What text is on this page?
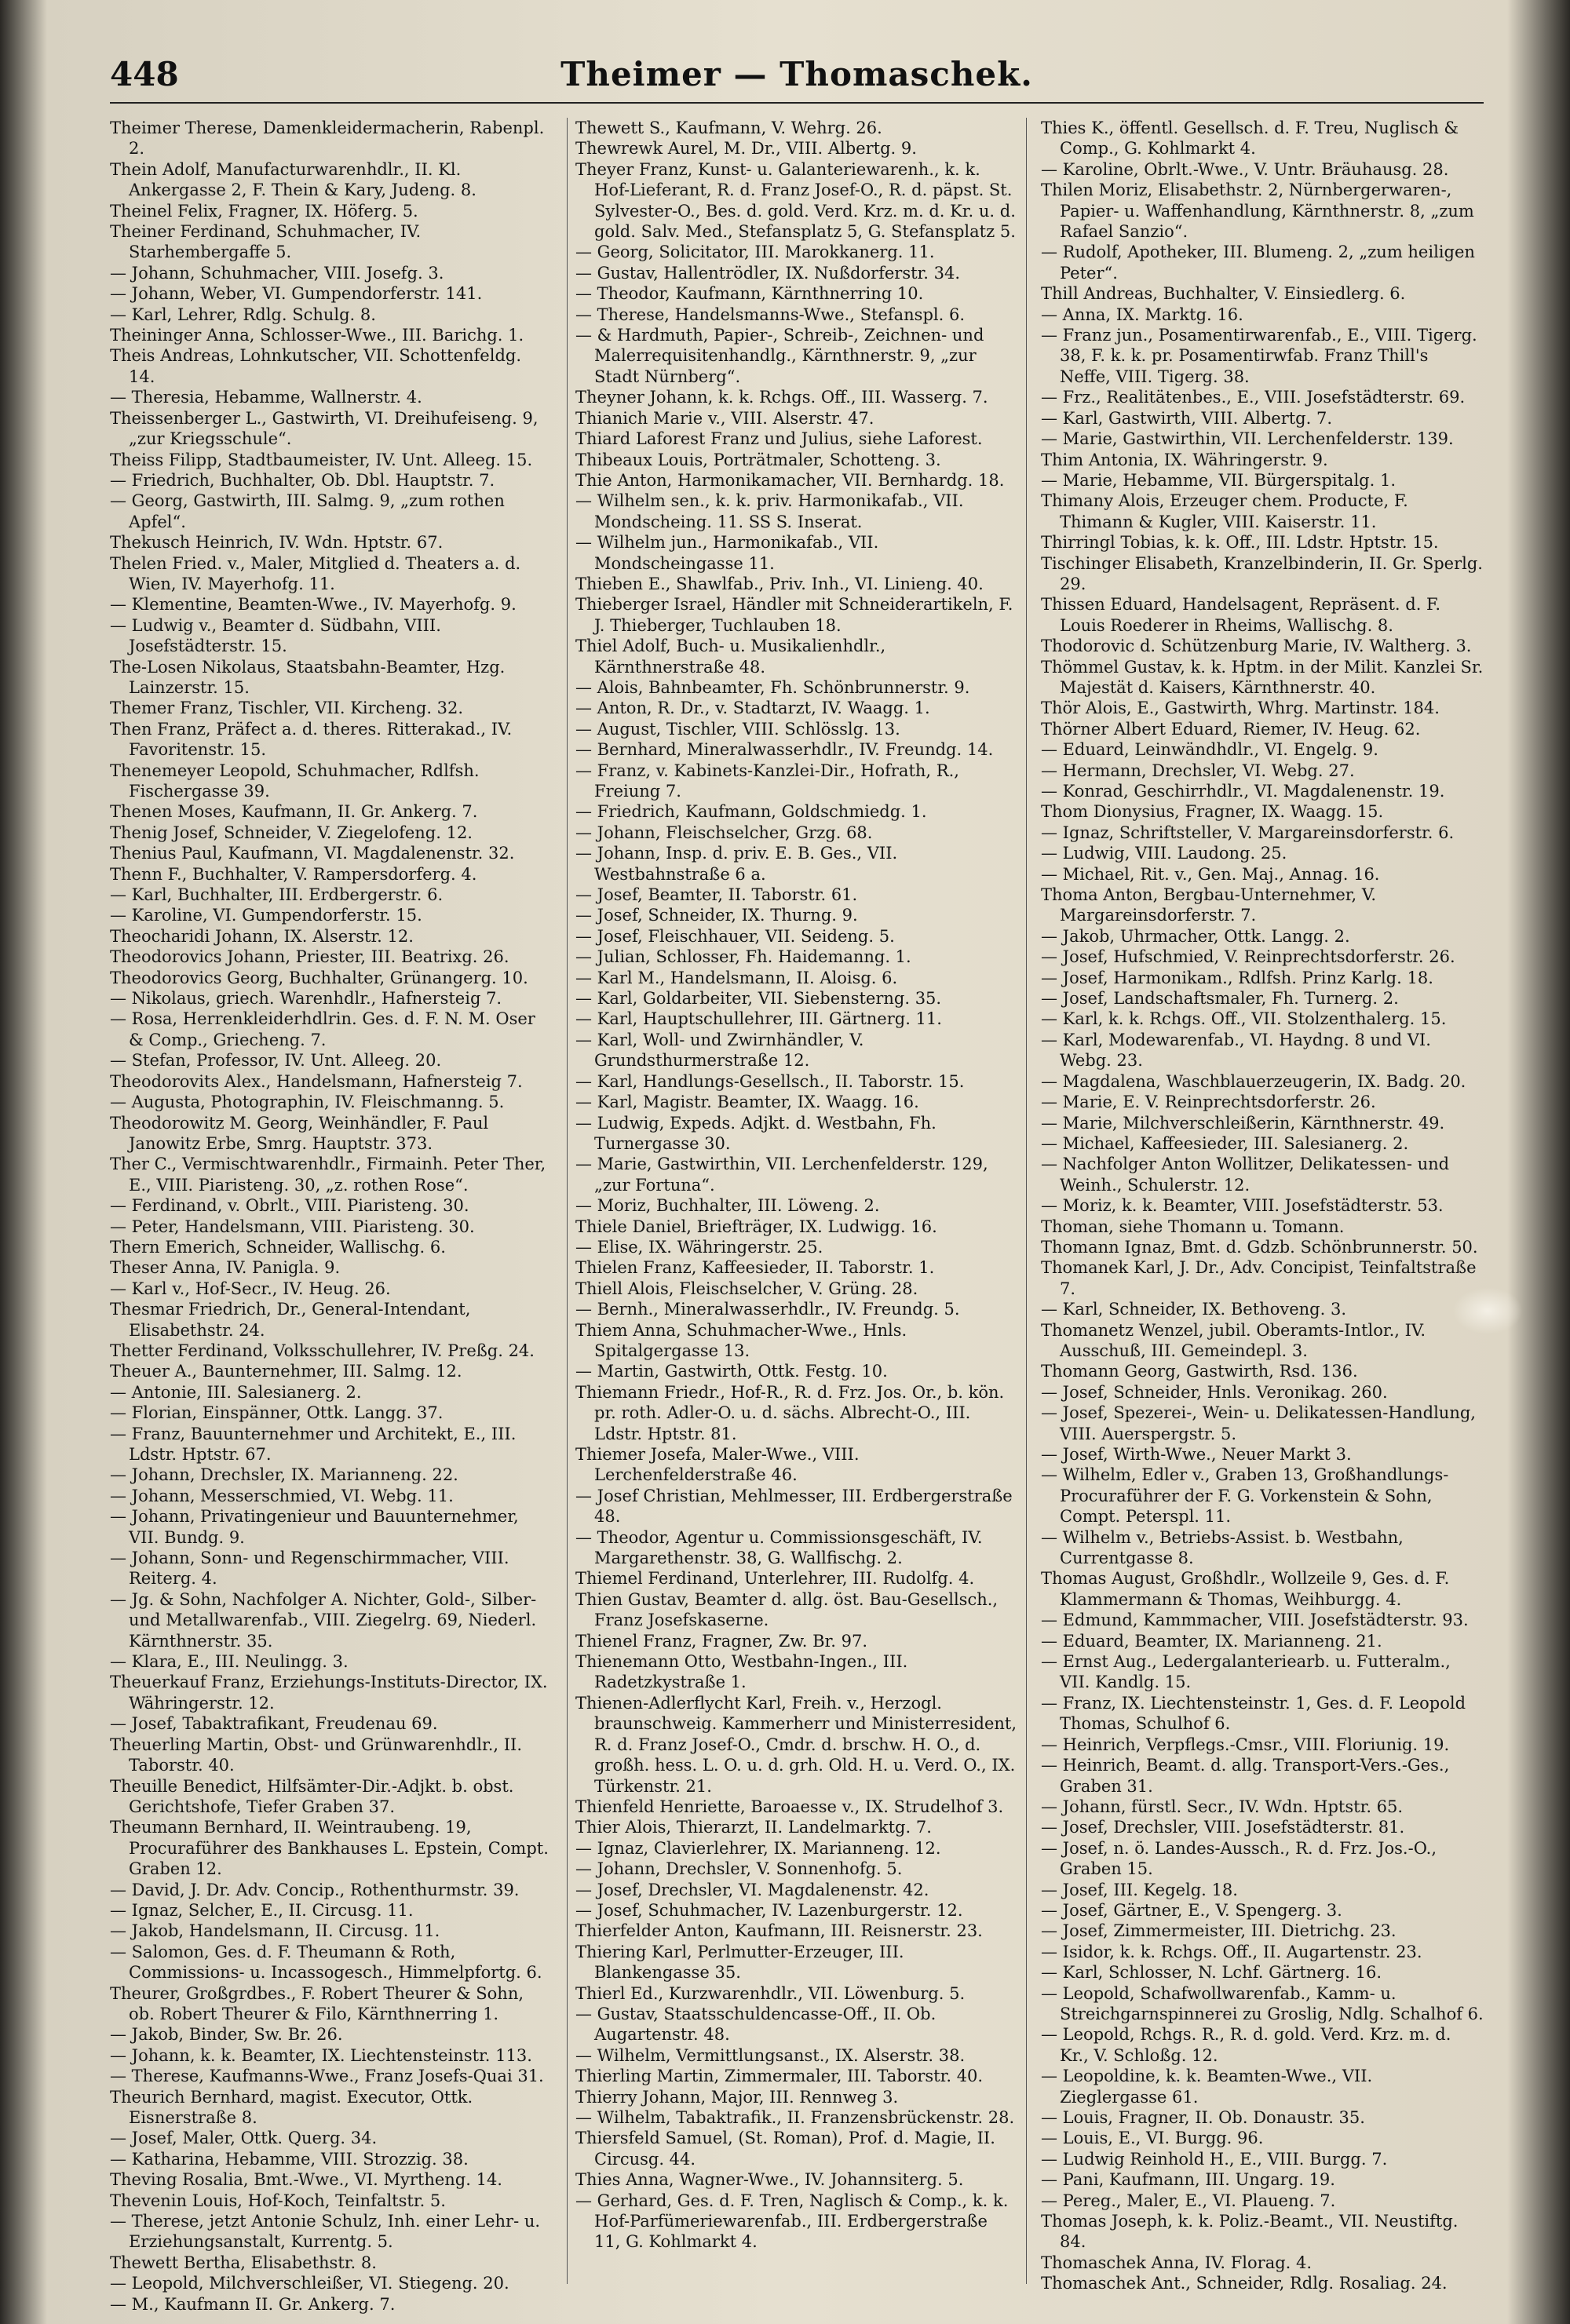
448	Theimer — Thomaschek.

Theimer Therese, Damenkleidermacherin, Rabenpl. 2.

Thein Adolf, Manufacturwarenhdlr., II. Kl. Ankergasse 2, F. Thein & Kary, Judeng. 8.

Theinel Felix, Fragner, IX. Höferg. 5.

Theiner Ferdinand, Schuhmacher, IV. Starhembergaffe 5.

— Johann, Schuhmacher, VIII. Josefg. 3.

— Johann, Weber, VI. Gumpendorferstr. 141.

— Karl, Lehrer, Rdlg. Schulg. 8.

Theininger Anna, Schlosser-Wwe., III. Barichg. 1.

Theis Andreas, Lohnkutscher, VII. Schottenfeldg. 14.

— Theresia, Hebamme, Wallnerstr. 4.

Theissenberger L., Gastwirth, VI. Dreihufeiseng. 9, „zur Kriegsschule“.

Theiss Filipp, Stadtbaumeister, IV. Unt. Alleeg. 15.

— Friedrich, Buchhalter, Ob. Dbl. Hauptstr. 7.

— Georg, Gastwirth, III. Salmg. 9, „zum rothen Apfel“.

Thekusch Heinrich, IV. Wdn. Hptstr. 67.

Thelen Fried. v., Maler, Mitglied d. Theaters a. d. Wien, IV. Mayerhofg. 11.

— Klementine, Beamten-Wwe., IV. Mayerhofg. 9.

— Ludwig v., Beamter d. Südbahn, VIII. Josefstädterstr. 15.

The-Losen Nikolaus, Staatsbahn-Beamter, Hzg. Lainzerstr. 15.

Themer Franz, Tischler, VII. Kircheng. 32.

Then Franz, Präfect a. d. theres. Ritterakad., IV. Favoritenstr. 15.

Thenemeyer Leopold, Schuhmacher, Rdlfsh. Fischergasse 39.

Thenen Moses, Kaufmann, II. Gr. Ankerg. 7.

Thenig Josef, Schneider, V. Ziegelofeng. 12.

Thenius Paul, Kaufmann, VI. Magdalenenstr. 32.

Thenn F., Buchhalter, V. Rampersdorferg. 4.

— Karl, Buchhalter, III. Erdbergerstr. 6.

— Karoline, VI. Gumpendorferstr. 15.

Theocharidi Johann, IX. Alserstr. 12.

Theodorovics Johann, Priester, III. Beatrixg. 26.

Theodorovics Georg, Buchhalter, Grünangerg. 10.

— Nikolaus, griech. Warenhdlr., Hafnersteig 7.

— Rosa, Herrenkleiderhdlrin. Ges. d. F. N. M. Oser & Comp., Griecheng. 7.

— Stefan, Professor, IV. Unt. Alleeg. 20.

Theodorovits Alex., Handelsmann, Hafnersteig 7.

— Augusta, Photographin, IV. Fleischmanng. 5.

Theodorowitz M. Georg, Weinhändler, F. Paul Janowitz Erbe, Smrg. Hauptstr. 373.

Ther C., Vermischtwarenhdlr., Firmainh. Peter Ther, E., VIII. Piaristeng. 30, „z. rothen Rose“.

— Ferdinand, v. Obrlt., VIII. Piaristeng. 30.

— Peter, Handelsmann, VIII. Piaristeng. 30.

Thern Emerich, Schneider, Wallischg. 6.

Theser Anna, IV. Panigla. 9.

— Karl v., Hof-Secr., IV. Heug. 26.

Thesmar Friedrich, Dr., General-Intendant, Elisabethstr. 24.

Thetter Ferdinand, Volksschullehrer, IV. Preßg. 24.

Theuer A., Baunternehmer, III. Salmg. 12.

— Antonie, III. Salesianerg. 2.

— Florian, Einspänner, Ottk. Langg. 37.

— Franz, Bauunternehmer und Architekt, E., III. Ldstr. Hptstr. 67.

— Johann, Drechsler, IX. Marianneng. 22.

— Johann, Messerschmied, VI. Webg. 11.

— Johann, Privatingenieur und Bauunternehmer, VII. Bundg. 9.

— Johann, Sonn- und Regenschirmmacher, VIII. Reiterg. 4.

— Jg. & Sohn, Nachfolger A. Nichter, Gold-, Silber- und Metallwarenfab., VIII. Ziegelrg. 69, Niederl. Kärnthnerstr. 35.

— Klara, E., III. Neulingg. 3.

Theuerkauf Franz, Erziehungs-Instituts-Director, IX. Währingerstr. 12.

— Josef, Tabaktrafikant, Freudenau 69.

Theuerling Martin, Obst- und Grünwarenhdlr., II. Taborstr. 40.

Theuille Benedict, Hilfsämter-Dir.-Adjkt. b. obst. Gerichtshofe, Tiefer Graben 37.

Theumann Bernhard, II. Weintraubeng. 19, Procuraführer des Bankhauses L. Epstein, Compt. Graben 12.

— David, J. Dr. Adv. Concip., Rothenthurmstr. 39.

— Ignaz, Selcher, E., II. Circusg. 11.

— Jakob, Handelsmann, II. Circusg. 11.

— Salomon, Ges. d. F. Theumann & Roth, Commissions- u. Incassogesch., Himmelpfortg. 6.

Theurer, Großgrdbes., F. Robert Theurer & Sohn, ob. Robert Theurer & Filo, Kärnthnerring 1.

— Jakob, Binder, Sw. Br. 26.

— Johann, k. k. Beamter, IX. Liechtensteinstr. 113.

— Therese, Kaufmanns-Wwe., Franz Josefs-Quai 31.

Theurich Bernhard, magist. Executor, Ottk. Eisnerstraße 8.

— Josef, Maler, Ottk. Querg. 34.

— Katharina, Hebamme, VIII. Strozzig. 38.

Theving Rosalia, Bmt.-Wwe., VI. Myrtheng. 14.

Thevenin Louis, Hof-Koch, Teinfaltstr. 5.

— Therese, jetzt Antonie Schulz, Inh. einer Lehr- u. Erziehungsanstalt, Kurrentg. 5.

Thewett Bertha, Elisabethstr. 8.

— Leopold, Milchverschleißer, VI. Stiegeng. 20.

— M., Kaufmann II. Gr. Ankerg. 7.

Thewett S., Kaufmann, V. Wehrg. 26.

Thewrewk Aurel, M. Dr., VIII. Albertg. 9.

Theyer Franz, Kunst- u. Galanteriewarenh., k. k. Hof-Lieferant, R. d. Franz Josef-O., R. d. päpst. St. Sylvester-O., Bes. d. gold. Verd. Krz. m. d. Kr. u. d. gold. Salv. Med., Stefansplatz 5, G. Stefansplatz 5.

— Georg, Solicitator, III. Marokkanerg. 11.

— Gustav, Hallentrödler, IX. Nußdorferstr. 34.

— Theodor, Kaufmann, Kärnthnerring 10.

— Therese, Handelsmanns-Wwe., Stefanspl. 6.

— & Hardmuth, Papier-, Schreib-, Zeichnen- und Malerrequisitenhandlg., Kärnthnerstr. 9, „zur Stadt Nürnberg“.

Theyner Johann, k. k. Rchgs. Off., III. Wasserg. 7.

Thianich Marie v., VIII. Alserstr. 47.

Thiard Laforest Franz und Julius, siehe Laforest.

Thibeaux Louis, Porträtmaler, Schotteng. 3.

Thie Anton, Harmonikamacher, VII. Bernhardg. 18.

— Wilhelm sen., k. k. priv. Harmonikafab., VII. Mondscheing. 11. SS S. Inserat.

— Wilhelm jun., Harmonikafab., VII. Mondscheingasse 11.

Thieben E., Shawlfab., Priv. Inh., VI. Linieng. 40.

Thieberger Israel, Händler mit Schneiderartikeln, F. J. Thieberger, Tuchlauben 18.

Thiel Adolf, Buch- u. Musikalienhdlr., Kärnthnerstraße 48.

— Alois, Bahnbeamter, Fh. Schönbrunnerstr. 9.

— Anton, R. Dr., v. Stadtarzt, IV. Waagg. 1.

— August, Tischler, VIII. Schlösslg. 13.

— Bernhard, Mineralwasserhdlr., IV. Freundg. 14.

— Franz, v. Kabinets-Kanzlei-Dir., Hofrath, R., Freiung 7.

— Friedrich, Kaufmann, Goldschmiedg. 1.

— Johann, Fleischselcher, Grzg. 68.

— Johann, Insp. d. priv. E. B. Ges., VII. Westbahnstraße 6 a.

— Josef, Beamter, II. Taborstr. 61.

— Josef, Schneider, IX. Thurng. 9.

— Josef, Fleischhauer, VII. Seideng. 5.

— Julian, Schlosser, Fh. Haidemanng. 1.

— Karl M., Handelsmann, II. Aloisg. 6.

— Karl, Goldarbeiter, VII. Siebensterng. 35.

— Karl, Hauptschullehrer, III. Gärtnerg. 11.

— Karl, Woll- und Zwirnhändler, V. Grundsthurmerstraße 12.

— Karl, Handlungs-Gesellsch., II. Taborstr. 15.

— Karl, Magistr. Beamter, IX. Waagg. 16.

— Ludwig, Expeds. Adjkt. d. Westbahn, Fh. Turnergasse 30.

— Marie, Gastwirthin, VII. Lerchenfelderstr. 129, „zur Fortuna“.

— Moriz, Buchhalter, III. Löweng. 2.

Thiele Daniel, Briefträger, IX. Ludwigg. 16.

— Elise, IX. Währingerstr. 25.

Thielen Franz, Kaffeesieder, II. Taborstr. 1.

Thiell Alois, Fleischselcher, V. Grüng. 28.

— Bernh., Mineralwasserhdlr., IV. Freundg. 5.

Thiem Anna, Schuhmacher-Wwe., Hnls. Spitalgergasse 13.

— Martin, Gastwirth, Ottk. Festg. 10.

Thiemann Friedr., Hof-R., R. d. Frz. Jos. Or., b. kön. pr. roth. Adler-O. u. d. sächs. Albrecht-O., III. Ldstr. Hptstr. 81.

Thiemer Josefa, Maler-Wwe., VIII. Lerchenfelderstraße 46.

— Josef Christian, Mehlmesser, III. Erdbergerstraße 48.

— Theodor, Agentur u. Commissionsgeschäft, IV. Margarethenstr. 38, G. Wallfischg. 2.

Thiemel Ferdinand, Unterlehrer, III. Rudolfg. 4.

Thien Gustav, Beamter d. allg. öst. Bau-Gesellsch., Franz Josefskaserne.

Thienel Franz, Fragner, Zw. Br. 97.

Thienemann Otto, Westbahn-Ingen., III. Radetzkystraße 1.

Thienen-Adlerflycht Karl, Freih. v., Herzogl. braunschweig. Kammerherr und Ministerresident, R. d. Franz Josef-O., Cmdr. d. brschw. H. O., d. großh. hess. L. O. u. d. grh. Old. H. u. Verd. O., IX. Türkenstr. 21.

Thienfeld Henriette, Baroaesse v., IX. Strudelhof 3.

Thier Alois, Thierarzt, II. Landelmarktg. 7.

— Ignaz, Clavierlehrer, IX. Marianneng. 12.

— Johann, Drechsler, V. Sonnenhofg. 5.

— Josef, Drechsler, VI. Magdalenenstr. 42.

— Josef, Schuhmacher, IV. Lazenburgerstr. 12.

Thierfelder Anton, Kaufmann, III. Reisnerstr. 23.

Thiering Karl, Perlmutter-Erzeuger, III. Blankengasse 35.

Thierl Ed., Kurzwarenhdlr., VII. Löwenburg. 5.

— Gustav, Staatsschuldencasse-Off., II. Ob. Augartenstr. 48.

— Wilhelm, Vermittlungsanst., IX. Alserstr. 38.

Thierling Martin, Zimmermaler, III. Taborstr. 40.

Thierry Johann, Major, III. Rennweg 3.

— Wilhelm, Tabaktrafik., II. Franzensbrückenstr. 28.

Thiersfeld Samuel, (St. Roman), Prof. d. Magie, II. Circusg. 44.

Thies Anna, Wagner-Wwe., IV. Johannsiterg. 5.

— Gerhard, Ges. d. F. Tren, Naglisch & Comp., k. k. Hof-Parfümeriewarenfab., III. Erdbergerstraße 11, G. Kohlmarkt 4.

Thies K., öffentl. Gesellsch. d. F. Treu, Nuglisch & Comp., G. Kohlmarkt 4.

— Karoline, Obrlt.-Wwe., V. Untr. Bräuhausg. 28.

Thilen Moriz, Elisabethstr. 2, Nürnbergerwaren-, Papier- u. Waffenhandlung, Kärnthnerstr. 8, „zum Rafael Sanzio“.

— Rudolf, Apotheker, III. Blumeng. 2, „zum heiligen Peter“.

Thill Andreas, Buchhalter, V. Einsiedlerg. 6.

— Anna, IX. Marktg. 16.

— Franz jun., Posamentirwarenfab., E., VIII. Tigerg. 38, F. k. k. pr. Posamentirwfab. Franz Thill's Neffe, VIII. Tigerg. 38.

— Frz., Realitätenbes., E., VIII. Josefstädterstr. 69.

— Karl, Gastwirth, VIII. Albertg. 7.

— Marie, Gastwirthin, VII. Lerchenfelderstr. 139.

Thim Antonia, IX. Währingerstr. 9.

— Marie, Hebamme, VII. Bürgerspitalg. 1.

Thimany Alois, Erzeuger chem. Producte, F. Thimann & Kugler, VIII. Kaiserstr. 11.

Thirringl Tobias, k. k. Off., III. Ldstr. Hptstr. 15.

Tischinger Elisabeth, Kranzelbinderin, II. Gr. Sperlg. 29.

Thissen Eduard, Handelsagent, Repräsent. d. F. Louis Roederer in Rheims, Wallischg. 8.

Thodorovic d. Schützenburg Marie, IV. Waltherg. 3.

Thömmel Gustav, k. k. Hptm. in der Milit. Kanzlei Sr. Majestät d. Kaisers, Kärnthnerstr. 40.

Thör Alois, E., Gastwirth, Whrg. Martinstr. 184.

Thörner Albert Eduard, Riemer, IV. Heug. 62.

— Eduard, Leinwändhdlr., VI. Engelg. 9.

— Hermann, Drechsler, VI. Webg. 27.

— Konrad, Geschirrhdlr., VI. Magdalenenstr. 19.

Thom Dionysius, Fragner, IX. Waagg. 15.

— Ignaz, Schriftsteller, V. Margareinsdorferstr. 6.

— Ludwig, VIII. Laudong. 25.

— Michael, Rit. v., Gen. Maj., Annag. 16.

Thoma Anton, Bergbau-Unternehmer, V. Margareinsdorferstr. 7.

— Jakob, Uhrmacher, Ottk. Langg. 2.

— Josef, Hufschmied, V. Reinprechtsdorferstr. 26.

— Josef, Harmonikam., Rdlfsh. Prinz Karlg. 18.

— Josef, Landschaftsmaler, Fh. Turnerg. 2.

— Karl, k. k. Rchgs. Off., VII. Stolzenthalerg. 15.

— Karl, Modewarenfab., VI. Haydng. 8 und VI. Webg. 23.

— Magdalena, Waschblauerzeugerin, IX. Badg. 20.

— Marie, E. V. Reinprechtsdorferstr. 26.

— Marie, Milchverschleißerin, Kärnthnerstr. 49.

— Michael, Kaffeesieder, III. Salesianerg. 2.

— Nachfolger Anton Wollitzer, Delikatessen- und Weinh., Schulerstr. 12.

— Moriz, k. k. Beamter, VIII. Josefstädterstr. 53.

Thoman, siehe Thomann u. Tomann.

Thomann Ignaz, Bmt. d. Gdzb. Schönbrunnerstr. 50.

Thomanek Karl, J. Dr., Adv. Concipist, Teinfaltstraße 7.

— Karl, Schneider, IX. Bethoveng. 3.

Thomanetz Wenzel, jubil. Oberamts-Intlor., IV. Ausschuß, III. Gemeindepl. 3.

Thomann Georg, Gastwirth, Rsd. 136.

— Josef, Schneider, Hnls. Veronikag. 260.

— Josef, Spezerei-, Wein- u. Delikatessen-Handlung, VIII. Auerspergstr. 5.

— Josef, Wirth-Wwe., Neuer Markt 3.

— Wilhelm, Edler v., Graben 13, Großhandlungs-Procuraführer der F. G. Vorkenstein & Sohn, Compt. Peterspl. 11.

— Wilhelm v., Betriebs-Assist. b. Westbahn, Currentgasse 8.

Thomas August, Großhdlr., Wollzeile 9, Ges. d. F. Klammermann & Thomas, Weihburgg. 4.

— Edmund, Kammmacher, VIII. Josefstädterstr. 93.

— Eduard, Beamter, IX. Marianneng. 21.

— Ernst Aug., Ledergalanteriearb. u. Futteralm., VII. Kandlg. 15.

— Franz, IX. Liechtensteinstr. 1, Ges. d. F. Leopold Thomas, Schulhof 6.

— Heinrich, Verpflegs.-Cmsr., VIII. Floriunig. 19.

— Heinrich, Beamt. d. allg. Transport-Vers.-Ges., Graben 31.

— Johann, fürstl. Secr., IV. Wdn. Hptstr. 65.

— Josef, Drechsler, VIII. Josefstädterstr. 81.

— Josef, n. ö. Landes-Aussch., R. d. Frz. Jos.-O., Graben 15.

— Josef, III. Kegelg. 18.

— Josef, Gärtner, E., V. Spengerg. 3.

— Josef, Zimmermeister, III. Dietrichg. 23.

— Isidor, k. k. Rchgs. Off., II. Augartenstr. 23.

— Karl, Schlosser, N. Lchf. Gärtnerg. 16.

— Leopold, Schafwollwarenfab., Kamm- u. Streichgarnspinnerei zu Groslig, Ndlg. Schalhof 6.

— Leopold, Rchgs. R., R. d. gold. Verd. Krz. m. d. Kr., V. Schloßg. 12.

— Leopoldine, k. k. Beamten-Wwe., VII. Zieglergasse 61.

— Louis, Fragner, II. Ob. Donaustr. 35.

— Louis, E., VI. Burgg. 96.

— Ludwig Reinhold H., E., VIII. Burgg. 7.

— Pani, Kaufmann, III. Ungarg. 19.

— Pereg., Maler, E., VI. Plaueng. 7.

Thomas Joseph, k. k. Poliz.-Beamt., VII. Neustiftg. 84.

Thomaschek Anna, IV. Florag. 4.

Thomaschek Ant., Schneider, Rdlg. Rosaliag. 24.
